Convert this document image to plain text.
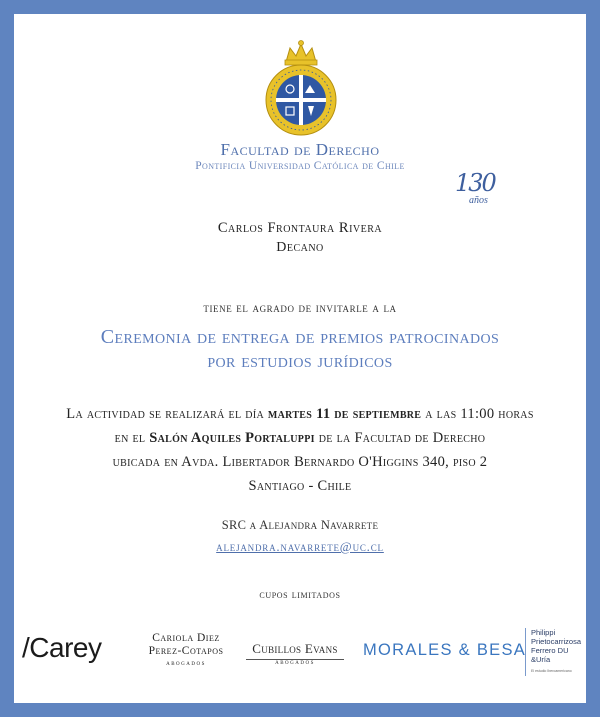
Facultad de Derecho
Pontificia Universidad Católica de Chile
130
años
Carlos Frontaura Rivera
Decano
tiene el agrado de invitarle a la
Ceremonia de entrega de premios patrocinados
por estudios jurídicos
La actividad se realizará el día martes 11 de septiembre a las 11:00 horas
en el Salón Aquiles Portaluppi de la Facultad de Derecho
ubicada en Avda. Libertador Bernardo O'Higgins 340, piso 2
Santiago - Chile
SRC a Alejandra Navarrete
alejandra.navarrete@uc.cl
cupos limitados
/Carey	Cariola Diez
Perez-Cotapos
ABOGADOS
Cubillos Evans
ABOGADOS
MORALES & BESA
Philippi
Prietocarrizosa
Ferrero DU
&Uría
El estudio Iberoamericano
